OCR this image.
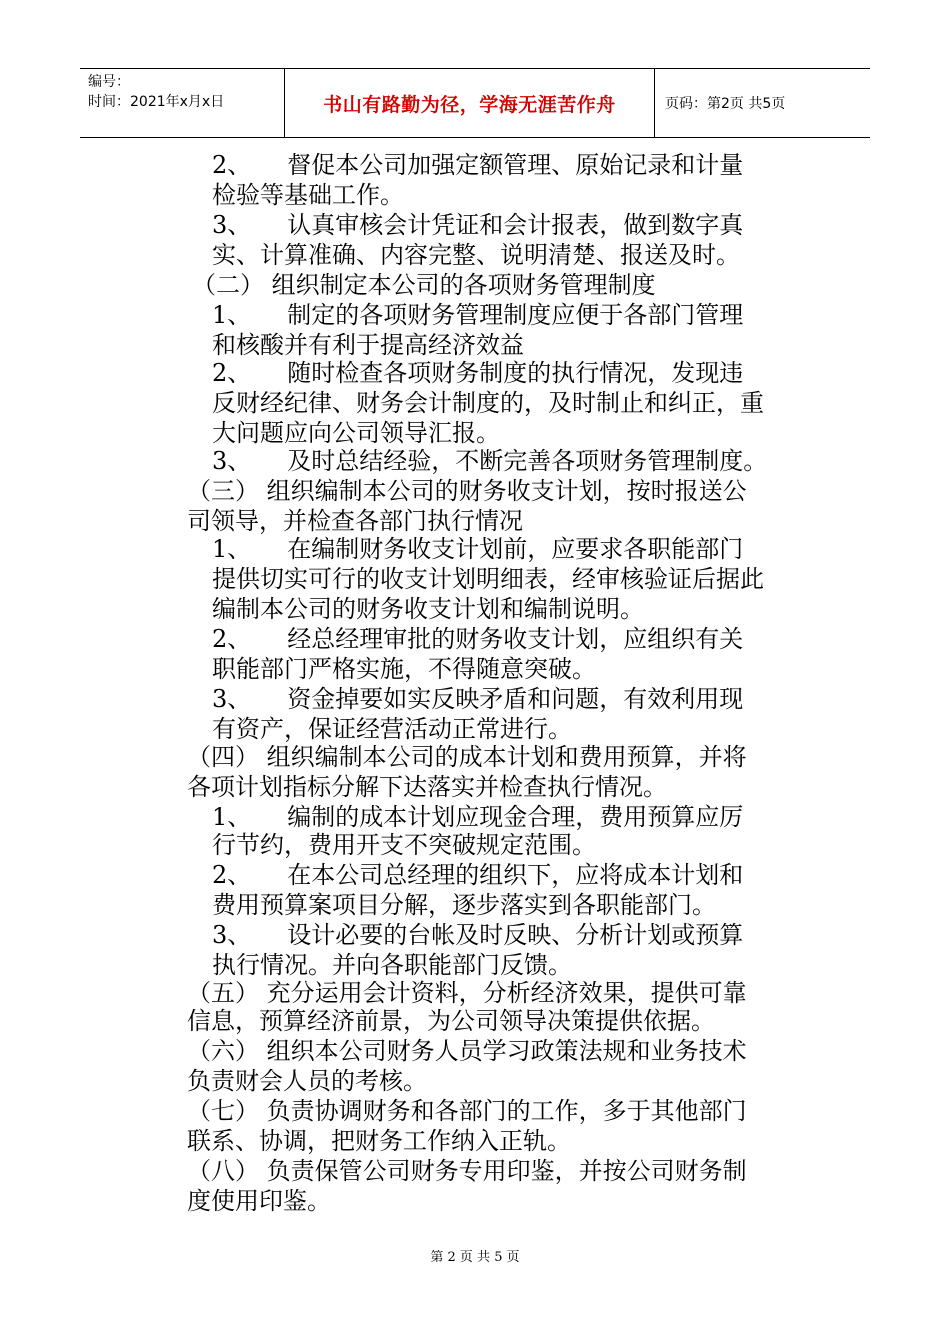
编号：
时间：2021年x月x日	书山有路勤为径，学海无涯苦作舟	页码：第2页 共5页
2、　　督促本公司加强定额管理、原始记录和计量
检验等基础工作。
3、　　认真审核会计凭证和会计报表，做到数字真
实、计算准确、内容完整、说明清楚、报送及时。
（二） 组织制定本公司的各项财务管理制度
1、　　制定的各项财务管理制度应便于各部门管理
和核酸并有利于提高经济效益
2、　　随时检查各项财务制度的执行情况，发现违
反财经纪律、财务会计制度的，及时制止和纠正，重
大问题应向公司领导汇报。
3、　　及时总结经验，不断完善各项财务管理制度。
（三） 组织编制本公司的财务收支计划，按时报送公
司领导，并检查各部门执行情况
1、　　在编制财务收支计划前，应要求各职能部门
提供切实可行的收支计划明细表，经审核验证后据此
编制本公司的财务收支计划和编制说明。
2、　　经总经理审批的财务收支计划，应组织有关
职能部门严格实施，不得随意突破。
3、　　资金掉要如实反映矛盾和问题，有效利用现
有资产，保证经营活动正常进行。
（四） 组织编制本公司的成本计划和费用预算，并将
各项计划指标分解下达落实并检查执行情况。
1、　　编制的成本计划应现金合理，费用预算应厉
行节约，费用开支不突破规定范围。
2、　　在本公司总经理的组织下，应将成本计划和
费用预算案项目分解，逐步落实到各职能部门。
3、　　设计必要的台帐及时反映、分析计划或预算
执行情况。并向各职能部门反馈。
（五） 充分运用会计资料，分析经济效果，提供可靠
信息，预算经济前景，为公司领导决策提供依据。
（六） 组织本公司财务人员学习政策法规和业务技术
负责财会人员的考核。
（七） 负责协调财务和各部门的工作，多于其他部门
联系、协调，把财务工作纳入正轨。
（八） 负责保管公司财务专用印鉴，并按公司财务制
度使用印鉴。
第 2 页 共 5 页
